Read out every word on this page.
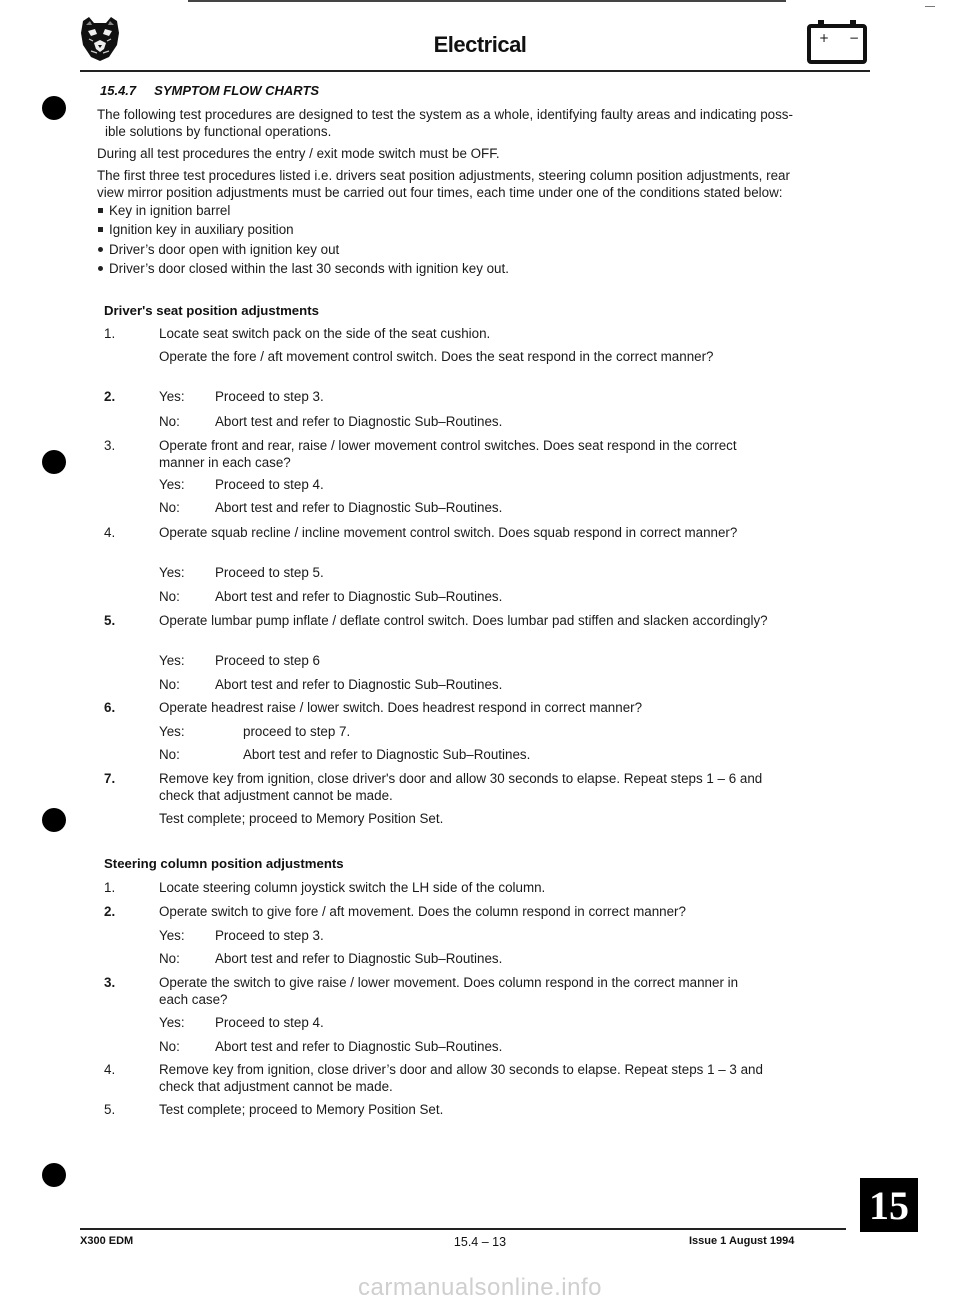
+ −
Electrical
15.4.7 SYMPTOM FLOW CHARTS
The following test procedures are designed to test the system as a whole, identifying faulty areas and indicating poss-
ible solutions by functional operations.
During all test procedures the entry / exit mode switch must be OFF.
The first three test procedures listed i.e. drivers seat position adjustments, steering column position adjustments, rear
view mirror position adjustments must be carried out four times, each time under one of the conditions stated below:
Key in ignition barrel
Ignition key in auxiliary position
Driver’s door open with ignition key out
Driver’s door closed within the last 30 seconds with ignition key out.
Driver's seat position adjustments
1.	Locate seat switch pack on the side of the seat cushion.
Operate the fore / aft movement control switch. Does the seat respond in the correct manner?
2.	Yes: Proceed to step 3.
No:	Abort test and refer to Diagnostic Sub–Routines.
3.	Operate front and rear, raise / lower movement control switches. Does seat respond in the correct manner in each case?
Yes: Proceed to step 4.
No:	Abort test and refer to Diagnostic Sub–Routines.
4.	Operate squab recline / incline movement control switch. Does squab respond in correct manner?
Yes: Proceed to step 5.
No:	Abort test and refer to Diagnostic Sub–Routines.
5.	Operate lumbar pump inflate / deflate control switch. Does lumbar pad stiffen and slacken accordingly?
Yes: Proceed to step 6
No:	Abort test and refer to Diagnostic Sub–Routines.
6.	Operate headrest raise / lower switch. Does headrest respond in correct manner?
Yes:	proceed to step 7.
No:	Abort test and refer to Diagnostic Sub–Routines.
7.	Remove key from ignition, close driver's door and allow 30 seconds to elapse. Repeat steps 1 – 6 and check that adjustment cannot be made.
Test complete; proceed to Memory Position Set.
Steering column position adjustments
1.	Locate steering column joystick switch the LH side of the column.
2.	Operate switch to give fore / aft movement. Does the column respond in correct manner?
Yes: Proceed to step 3.
No:	Abort test and refer to Diagnostic Sub–Routines.
3.	Operate the switch to give raise / lower movement. Does column respond in the correct manner in each case?
Yes: Proceed to step 4.
No:	Abort test and refer to Diagnostic Sub–Routines.
4.	Remove key from ignition, close driver’s door and allow 30 seconds to elapse. Repeat steps 1 – 3 and check that adjustment cannot be made.
5.	Test complete; proceed to Memory Position Set.
15
X300 EDM	15.4 – 13	Issue 1 August 1994
carmanualsonline.info
